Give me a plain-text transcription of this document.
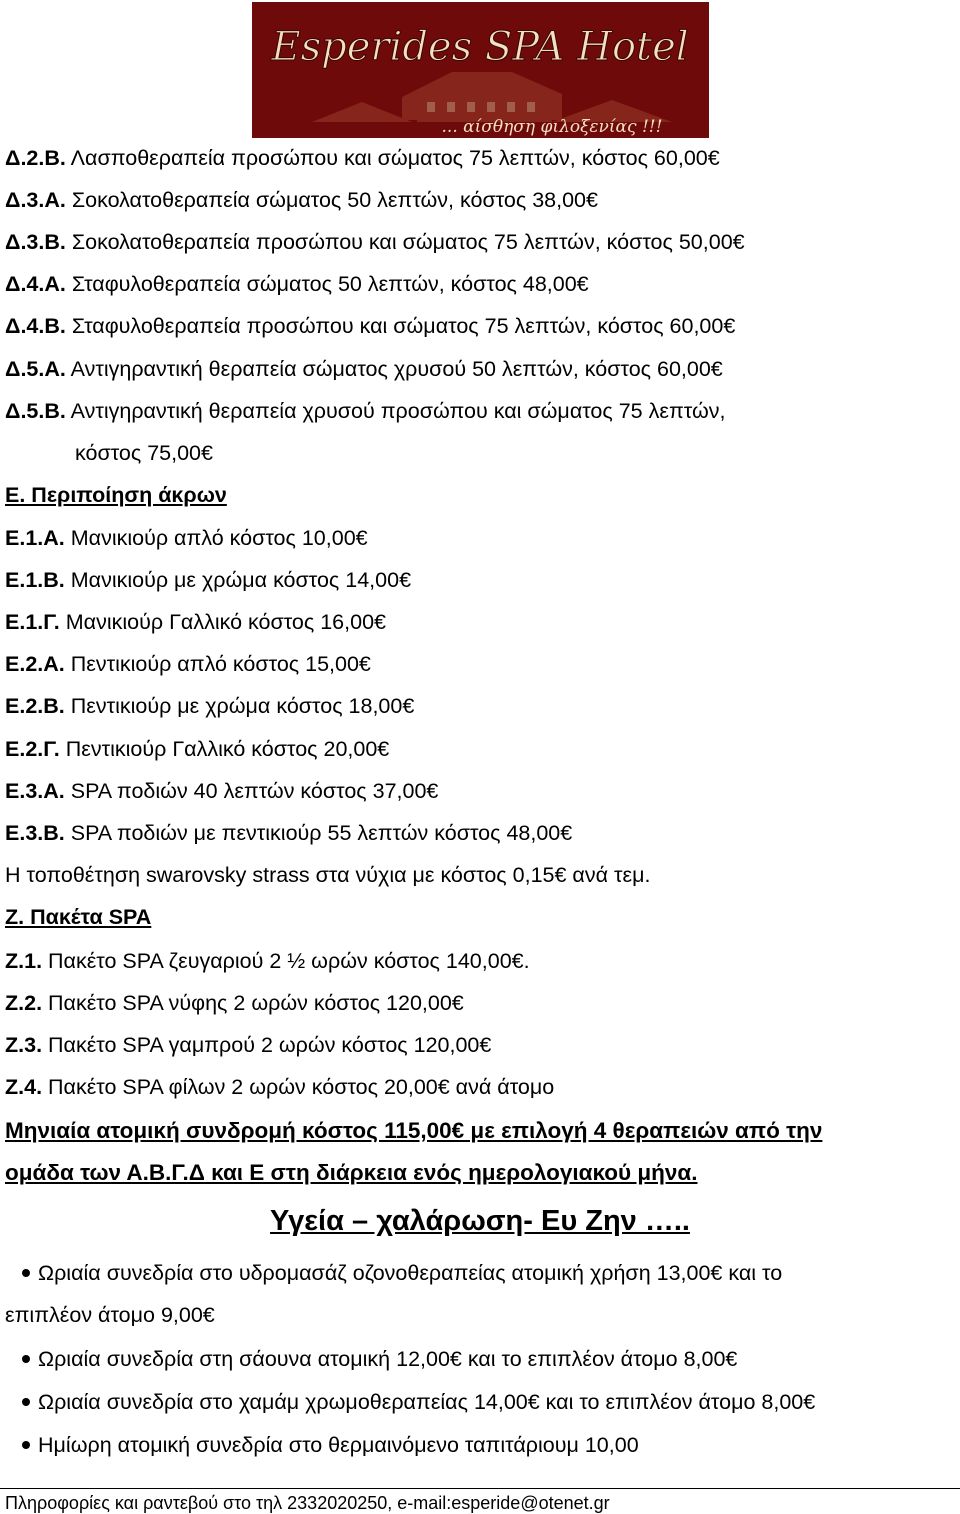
Esperides SPA Hotel
... αίσθηση φιλοξενίας !!!
Δ.2.Β. Λασποθεραπεία προσώπου και σώματος 75 λεπτών, κόστος 60,00€
Δ.3.Α. Σοκολατοθεραπεία σώματος 50 λεπτών, κόστος 38,00€
Δ.3.Β. Σοκολατοθεραπεία προσώπου και σώματος 75 λεπτών, κόστος 50,00€
Δ.4.Α. Σταφυλοθεραπεία σώματος 50 λεπτών, κόστος 48,00€
Δ.4.Β. Σταφυλοθεραπεία προσώπου και σώματος 75 λεπτών, κόστος 60,00€
Δ.5.Α. Αντιγηραντική θεραπεία σώματος χρυσού 50 λεπτών, κόστος 60,00€
Δ.5.Β. Αντιγηραντική θεραπεία χρυσού προσώπου και σώματος 75 λεπτών,
κόστος 75,00€
Ε. Περιποίηση άκρων
Ε.1.Α. Μανικιούρ απλό κόστος 10,00€
Ε.1.Β. Μανικιούρ με χρώμα κόστος 14,00€
Ε.1.Γ. Μανικιούρ Γαλλικό κόστος 16,00€
Ε.2.Α. Πεντικιούρ απλό κόστος 15,00€
Ε.2.Β. Πεντικιούρ με χρώμα κόστος 18,00€
Ε.2.Γ. Πεντικιούρ Γαλλικό κόστος 20,00€
Ε.3.Α. SPA ποδιών 40 λεπτών κόστος 37,00€
Ε.3.Β. SPA ποδιών με πεντικιούρ 55 λεπτών κόστος 48,00€
Η τοποθέτηση swarovsky strass στα νύχια με κόστος 0,15€ ανά τεμ.
Ζ. Πακέτα SPA
Ζ.1. Πακέτο SPA ζευγαριού 2 ½ ωρών κόστος 140,00€.
Ζ.2. Πακέτο SPA νύφης 2 ωρών κόστος 120,00€
Ζ.3. Πακέτο SPA γαμπρού 2 ωρών κόστος 120,00€
Ζ.4. Πακέτο SPA φίλων 2 ωρών κόστος 20,00€ ανά άτομο
Μηνιαία ατομική συνδρομή κόστος 115,00€ με επιλογή 4 θεραπειών από την
ομάδα των Α.Β.Γ.Δ και Ε στη διάρκεια ενός ημερολογιακού μήνα.
Υγεία – χαλάρωση- Ευ Ζην …..
Ωριαία συνεδρία στο υδρομασάζ οζονοθεραπείας ατομική χρήση 13,00€ και το
επιπλέον άτομο 9,00€
Ωριαία συνεδρία στη σάουνα ατομική 12,00€ και το επιπλέον άτομο 8,00€
Ωριαία συνεδρία στο χαμάμ χρωμοθεραπείας 14,00€ και το επιπλέον άτομο 8,00€
Ημίωρη ατομική συνεδρία στο θερμαινόμενο ταπιτάριουμ 10,00
Πληροφορίες και ραντεβού στο τηλ 2332020250, e-mail:esperide@otenet.gr
